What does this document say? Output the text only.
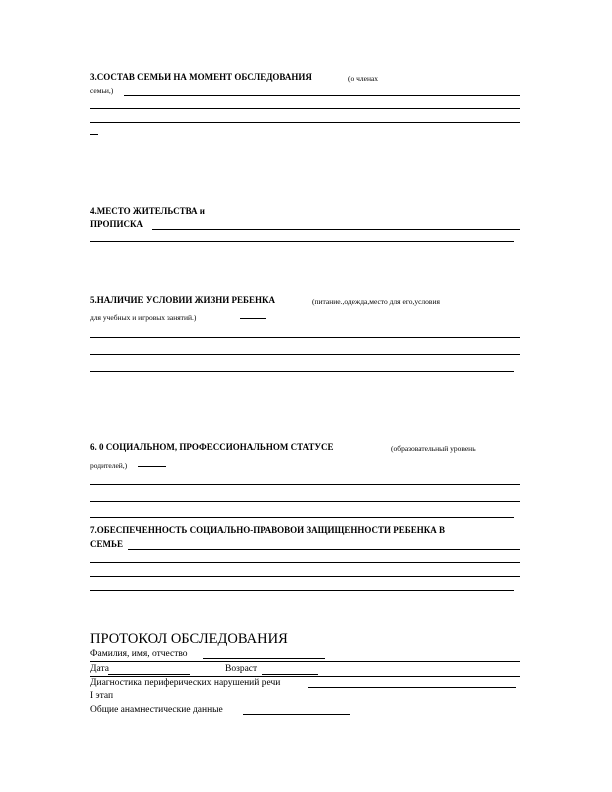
3.СОСТАВ СЕМЬИ НА МОМЕНТ ОБСЛЕДОВАНИЯ	(о членах
семьи,)
4.МЕСТО ЖИТЕЛЬСТВА и
ПРОПИСКА
5.НАЛИЧИЕ УСЛОВИИ ЖИЗНИ РЕБЕНКА	(питание.,одежда,место для его,условия
для учебных и игровых занятий.)
6. 0 СОЦИАЛЬНОМ, ПРОФЕССИОНАЛЬНОМ СТАТУСЕ	(образовательный уровень
родителей,)
7.ОБЕСПЕЧЕННОСТЬ СОЦИАЛЬНО-ПРАВОВОИ ЗАЩИЩЕННОСТИ РЕБЕНКА В
СЕМЬЕ
ПРОТОКОЛ ОБСЛЕДОВАНИЯ
Фамилия, имя, отчество
Дата	Возраст
Диагностика периферических нарушений речи
I этап
Общие анамнестические данные
